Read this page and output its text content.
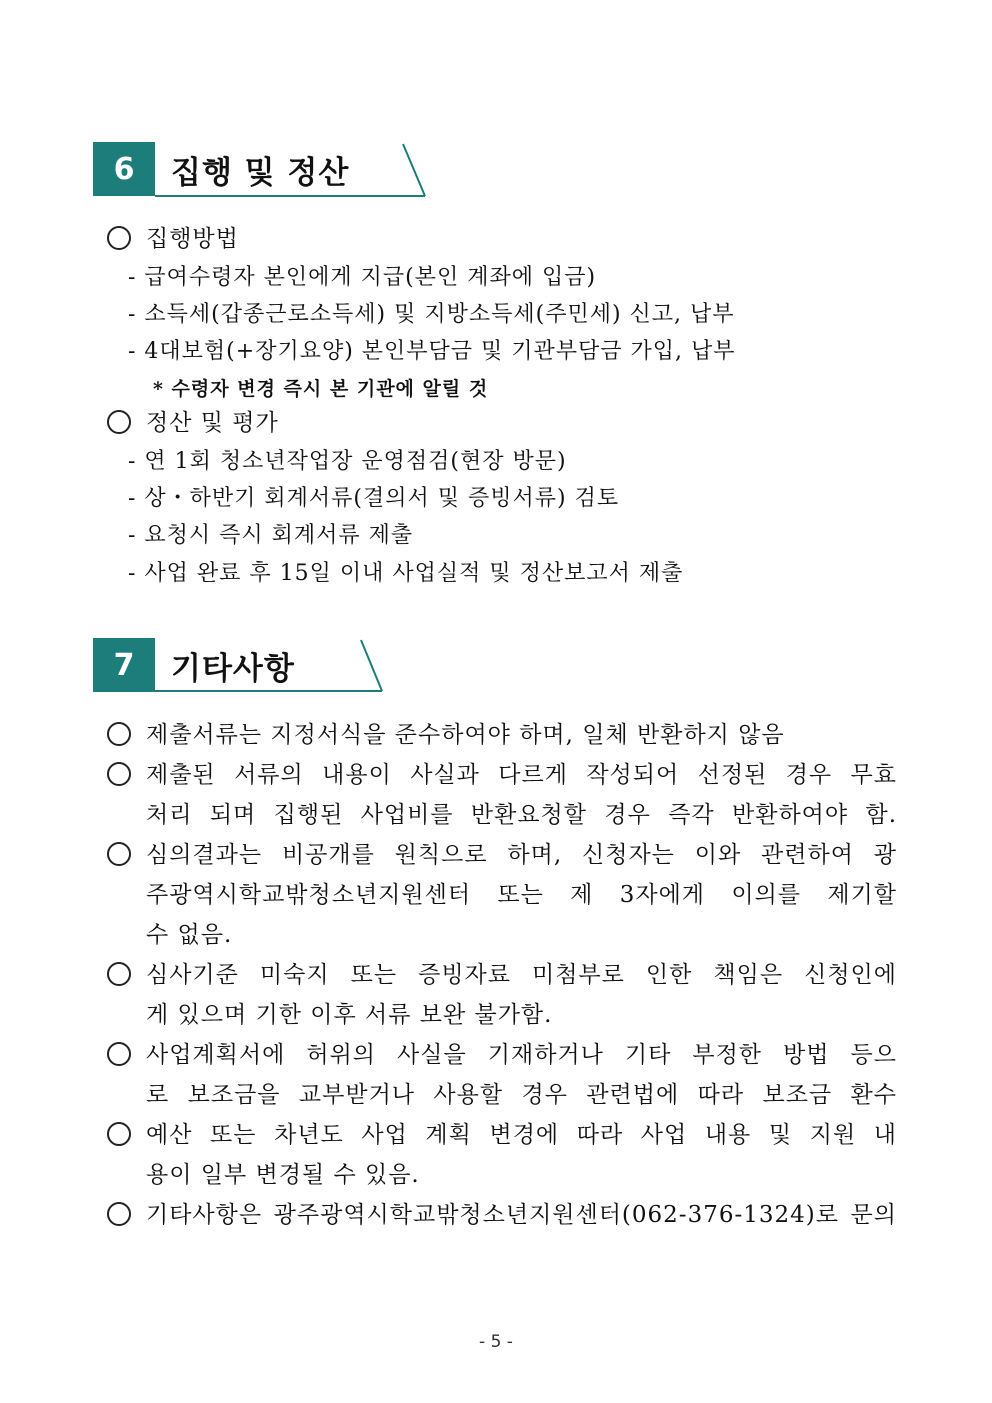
6	집행 및 정산
집행방법
- 급여수령자 본인에게 지급(본인 계좌에 입금)
- 소득세(갑종근로소득세) 및 지방소득세(주민세) 신고, 납부
- 4대보험(+장기요양) 본인부담금 및 기관부담금 가입, 납부
* 수령자 변경 즉시 본 기관에 알릴 것
정산 및 평가
- 연 1회 청소년작업장 운영점검(현장 방문)
- 상・하반기 회계서류(결의서 및 증빙서류) 검토
- 요청시 즉시 회계서류 제출
- 사업 완료 후 15일 이내 사업실적 및 정산보고서 제출
7	기타사항
제출서류는 지정서식을 준수하여야 하며, 일체 반환하지 않음
제출된 서류의 내용이 사실과 다르게 작성되어 선정된 경우 무효
처리 되며 집행된 사업비를 반환요청할 경우 즉각 반환하여야 함.
심의결과는 비공개를 원칙으로 하며, 신청자는 이와 관련하여 광
주광역시학교밖청소년지원센터 또는 제 3자에게 이의를 제기할
수 없음.
심사기준 미숙지 또는 증빙자료 미첨부로 인한 책임은 신청인에
게 있으며 기한 이후 서류 보완 불가함.
사업계획서에 허위의 사실을 기재하거나 기타 부정한 방법 등으
로 보조금을 교부받거나 사용할 경우 관련법에 따라 보조금 환수
예산 또는 차년도 사업 계획 변경에 따라 사업 내용 및 지원 내
용이 일부 변경될 수 있음.
기타사항은 광주광역시학교밖청소년지원센터(062-376-1324)로 문의
- 5 -
